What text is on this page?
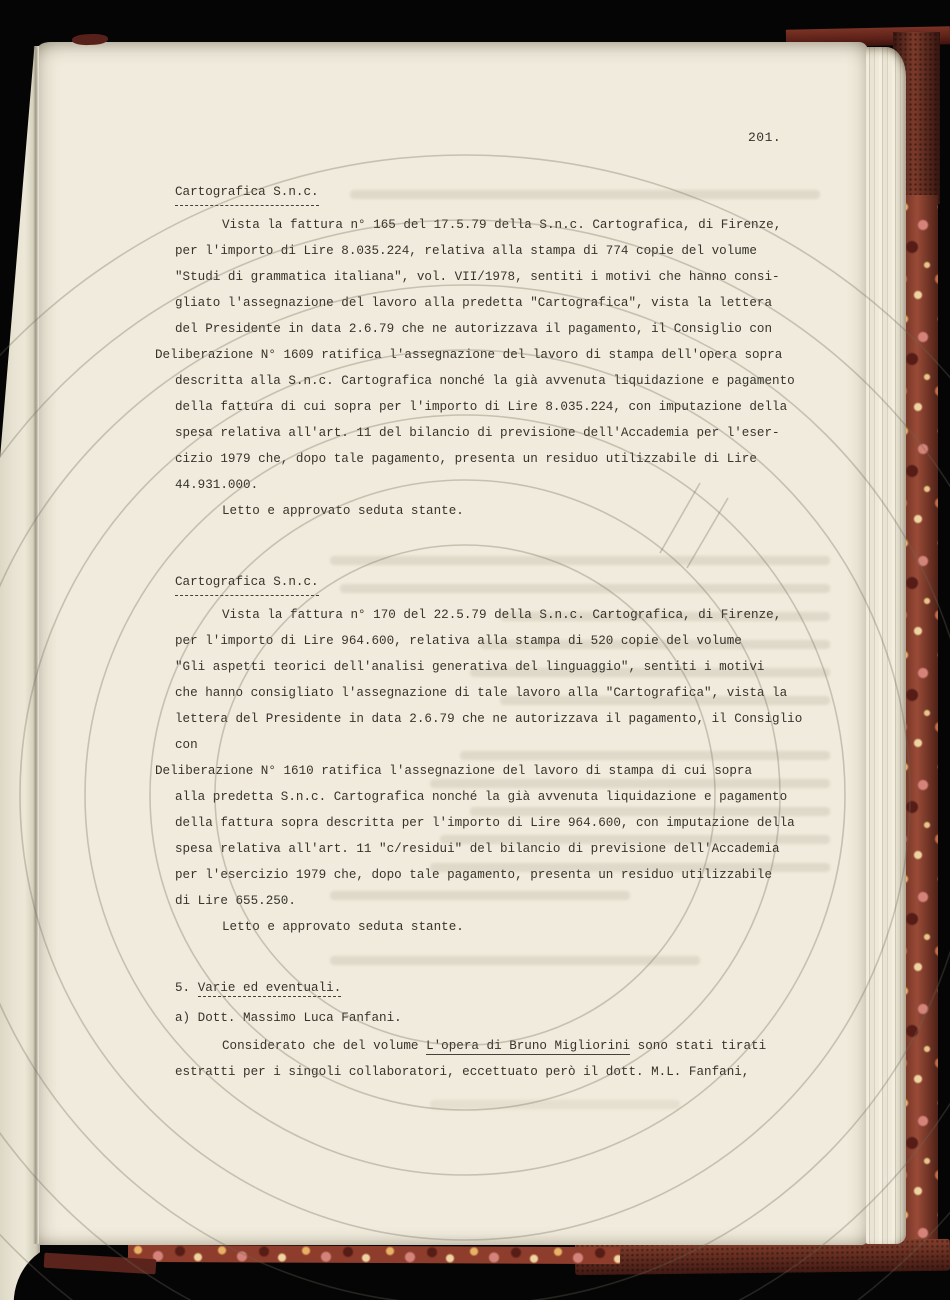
201.
Cartografica S.n.c.
Vista la fattura n° 165 del 17.5.79 della S.n.c. Cartografica, di Firenze,
per l'importo di Lire 8.035.224, relativa alla stampa di 774 copie del volume
"Studi di grammatica italiana", vol. VII/1978, sentiti i motivi che hanno consi-
gliato l'assegnazione del lavoro alla predetta "Cartografica", vista la lettera
del Presidente in data 2.6.79 che ne autorizzava il pagamento, il Consiglio con
Deliberazione N° 1609 ratifica l'assegnazione del lavoro di stampa dell'opera sopra
descritta alla S.n.c. Cartografica nonché la già avvenuta liquidazione e pagamento
della fattura di cui sopra per l'importo di Lire 8.035.224, con imputazione della
spesa relativa all'art. 11 del bilancio di previsione dell'Accademia per l'eser-
cizio 1979 che, dopo tale pagamento, presenta un residuo utilizzabile di Lire
44.931.000.
Letto e approvato seduta stante.
Cartografica S.n.c.
Vista la fattura n° 170 del 22.5.79 della S.n.c. Cartografica, di Firenze,
per l'importo di Lire 964.600, relativa alla stampa di 520 copie del volume
"Gli aspetti teorici dell'analisi generativa del linguaggio", sentiti i motivi
che hanno consigliato l'assegnazione di tale lavoro alla "Cartografica", vista la
lettera del Presidente in data 2.6.79 che ne autorizzava il pagamento, il Consiglio
con
Deliberazione N° 1610 ratifica l'assegnazione del lavoro di stampa di cui sopra
alla predetta S.n.c. Cartografica nonché la già avvenuta liquidazione e pagamento
della fattura sopra descritta per l'importo di Lire 964.600, con imputazione della
spesa relativa all'art. 11 "c/residui" del bilancio di previsione dell'Accademia
per l'esercizio 1979 che, dopo tale pagamento, presenta un residuo utilizzabile
di Lire 655.250.
Letto e approvato seduta stante.
5. Varie ed eventuali.
a) Dott. Massimo Luca Fanfani.
Considerato che del volume L'opera di Bruno Migliorini sono stati tirati
estratti per i singoli collaboratori, eccettuato però il dott. M.L. Fanfani,
